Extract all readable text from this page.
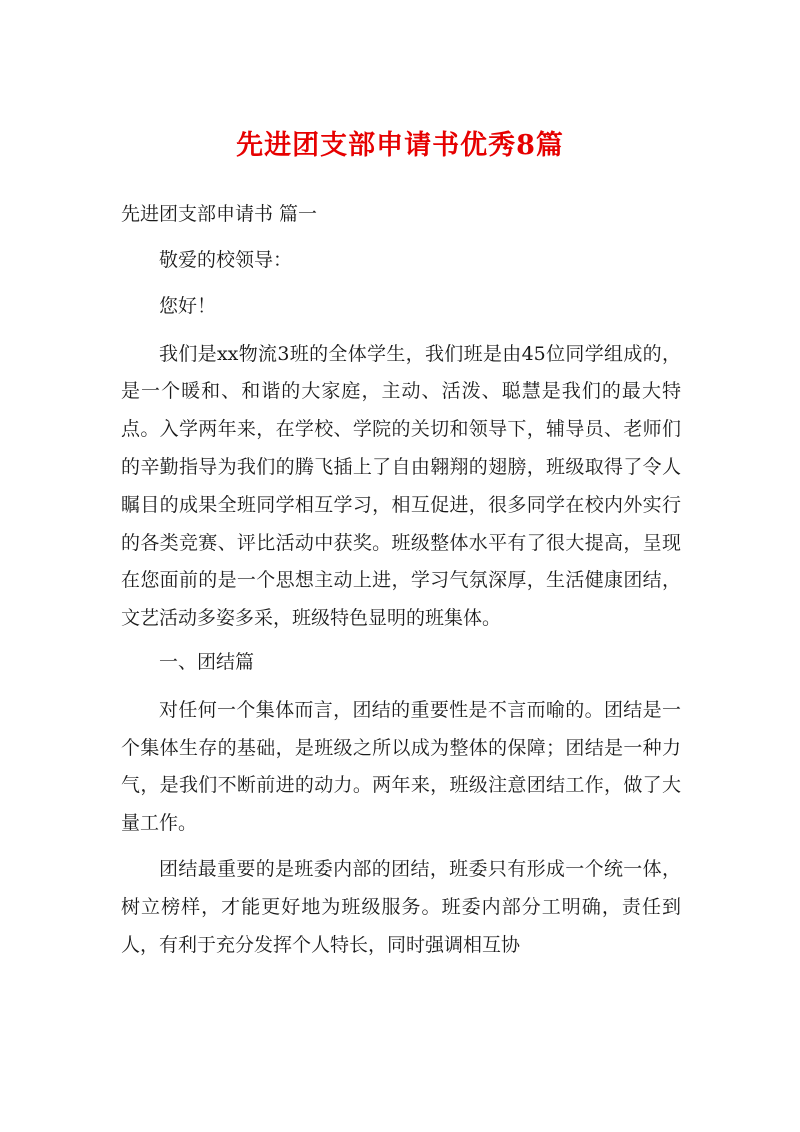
先进团支部申请书优秀8篇
先进团支部申请书 篇一

敬爱的校领导：

您好！

我们是xx物流3班的全体学生，我们班是由45位同学组成的，是一个暖和、和谐的大家庭，主动、活泼、聪慧是我们的最大特点。入学两年来，在学校、学院的关切和领导下，辅导员、老师们的辛勤指导为我们的腾飞插上了自由翱翔的翅膀，班级取得了令人瞩目的成果全班同学相互学习，相互促进，很多同学在校内外实行的各类竞赛、评比活动中获奖。班级整体水平有了很大提高，呈现在您面前的是一个思想主动上进，学习气氛深厚，生活健康团结，文艺活动多姿多采，班级特色显明的班集体。

一、团结篇

对任何一个集体而言，团结的重要性是不言而喻的。团结是一个集体生存的基础，是班级之所以成为整体的保障；团结是一种力气，是我们不断前进的动力。两年来，班级注意团结工作，做了大量工作。

团结最重要的是班委内部的团结，班委只有形成一个统一体，树立榜样，才能更好地为班级服务。班委内部分工明确，责任到人，有利于充分发挥个人特长，同时强调相互协
